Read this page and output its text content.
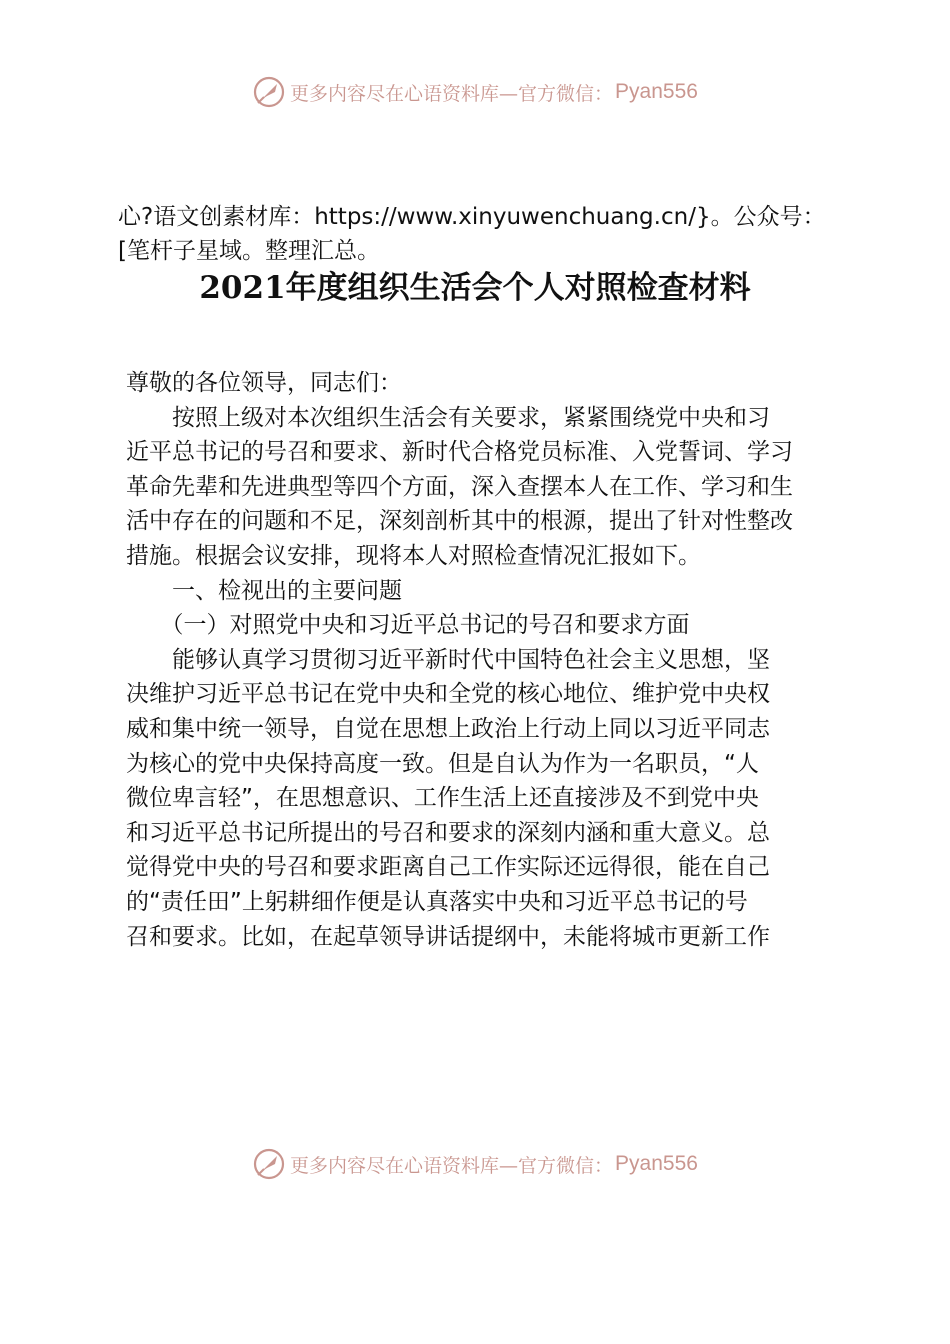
更多内容尽在心语资料库—官方微信： Pyan556
心?语文创素材库：https://www.xinyuwenchuang.cn/}。公众号：
[笔杆子星域。整理汇总。
2021年度组织生活会个人对照检查材料
尊敬的各位领导，同志们：
　　按照上级对本次组织生活会有关要求，紧紧围绕党中央和习
近平总书记的号召和要求、新时代合格党员标准、入党誓词、学习
革命先辈和先进典型等四个方面，深入查摆本人在工作、学习和生
活中存在的问题和不足，深刻剖析其中的根源，提出了针对性整改
措施。根据会议安排，现将本人对照检查情况汇报如下。
　　一、检视出的主要问题
　　（一）对照党中央和习近平总书记的号召和要求方面
　　能够认真学习贯彻习近平新时代中国特色社会主义思想，坚
决维护习近平总书记在党中央和全党的核心地位、维护党中央权
威和集中统一领导，自觉在思想上政治上行动上同以习近平同志
为核心的党中央保持高度一致。但是自认为作为一名职员，“人
微位卑言轻”，在思想意识、工作生活上还直接涉及不到党中央
和习近平总书记所提出的号召和要求的深刻内涵和重大意义。总
觉得党中央的号召和要求距离自己工作实际还远得很，能在自己
的“责任田”上躬耕细作便是认真落实中央和习近平总书记的号
召和要求。比如，在起草领导讲话提纲中，未能将城市更新工作
更多内容尽在心语资料库—官方微信： Pyan556
